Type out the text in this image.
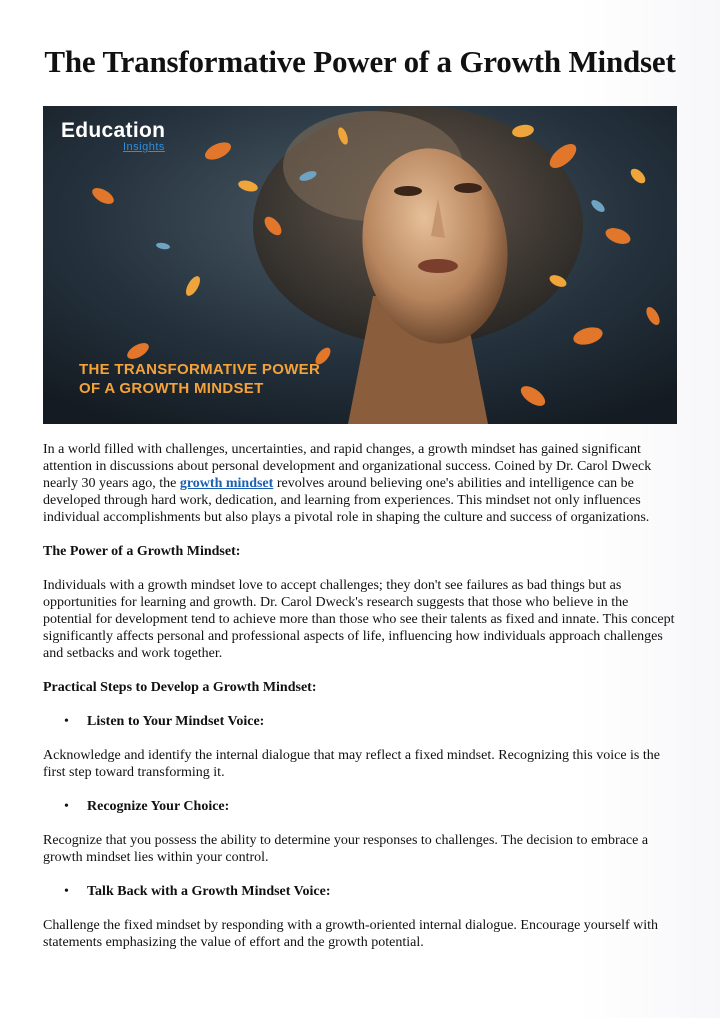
The Transformative Power of a Growth Mindset
Education
Insights
THE TRANSFORMATIVE POWER
OF A GROWTH MINDSET

In a world filled with challenges, uncertainties, and rapid changes, a growth mindset has gained significant attention in discussions about personal development and organizational success. Coined by Dr. Carol Dweck nearly 30 years ago, the growth mindset revolves around believing one's abilities and intelligence can be developed through hard work, dedication, and learning from experiences. This mindset not only influences individual accomplishments but also plays a pivotal role in shaping the culture and success of organizations.

The Power of a Growth Mindset:

Individuals with a growth mindset love to accept challenges; they don't see failures as bad things but as opportunities for learning and growth. Dr. Carol Dweck's research suggests that those who believe in the potential for development tend to achieve more than those who see their talents as fixed and innate. This concept significantly affects personal and professional aspects of life, influencing how individuals approach challenges and setbacks and work together.

Practical Steps to Develop a Growth Mindset:
• Listen to Your Mindset Voice:

Acknowledge and identify the internal dialogue that may reflect a fixed mindset. Recognizing this voice is the first step toward transforming it.

• Recognize Your Choice:

Recognize that you possess the ability to determine your responses to challenges. The decision to embrace a growth mindset lies within your control.

• Talk Back with a Growth Mindset Voice:

Challenge the fixed mindset by responding with a growth-oriented internal dialogue. Encourage yourself with statements emphasizing the value of effort and the growth potential.
